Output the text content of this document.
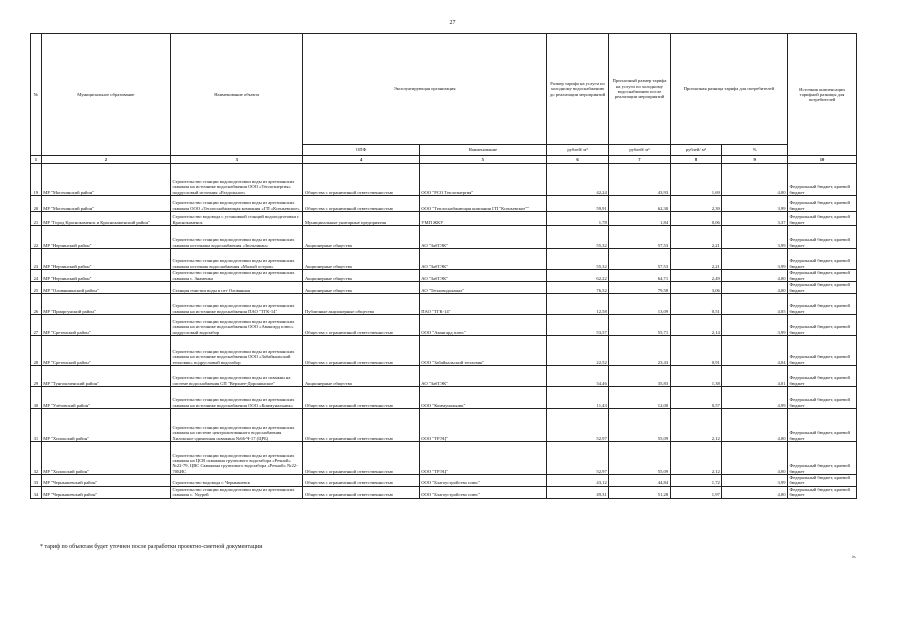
27
№	Муниципальное образование	Наименование объекта	Эксплуатирующая организация		Размер тарифа на услуги по холодному водоснабжению до реализации мероприятий	Прогнозный размер тарифа на услуги по холодному водоснабжению после реализации мероприятий	Прогнозная разница тарифа для потребителей		Источник компенсации тарифной разницы для потребителей
			ОПФ	Наименование	рублей/ м³	рублей/ м³	рублей/ м³	%	
1	2	3	4	5	6	7	8	9	10
19	МР "Могочинский район"	Строительство станции водоподготовки воды из артезианских скважин на источнике водоснабжения ООО «Теплоэнергия» подрусловый источник «Раздольное»	Общества с ограниченной ответственностью	ООО "РСО Теплоэнергия"	42,24	43,93	1,69	4,00	Федеральный бюджет, краевой бюджет
20	МР "Могочинский район"	Строительство станции водоподготовки воды из артезианских скважин ООО «Теплоснабжающая компания «ГП «Ксеньевское»	Общества с ограниченной ответственностью	ООО "Теплоснабжающая компания ГП "Ксеньевское""	59,91	62,30	2,39	3,99	Федеральный бюджет, краевой бюджет
21	МР "Город Краснокаменск и Краснокаменский район"	Строительство водовода с установкой станций водоподготовки г. Краснокаменск	Муниципальные унитарные предприятия	УМП ЖКУ	1,78	1,84	0,06	3,37	Федеральный бюджет, краевой бюджет
22	МР "Нерчинский район"	Строительство станции водоподготовки воды из артезианских скважин источника водоснабжения «Зюльзикан»	Акционерные общества	АО "ЗабТЭК"	55,32	57,53	2,21	3,99	Федеральный бюджет, краевой бюджет
23	МР "Нерчинский район"	Строительство станции водоподготовки воды из артезианских скважин источник водоснабжения «Малый остров»	Акционерные общества	АО "ЗабТЭК"	55,32	57,53	2,21	3,99	Федеральный бюджет, краевой бюджет
24	МР "Нерчинский район"	Строительство станции водоподготовки воды из артезианских скважин с. Знаменка	Акционерные общества	АО "ЗабТЭК"	62,22	64,71	2,49	4,00	Федеральный бюджет, краевой бюджет
25	МР "Оловяннинский район"	Станция очистки воды в пгт Оловянная	Акционерные общества	АО "Тепловодоканал"	76,52	79,58	3,06	4,00	Федеральный бюджет, краевой бюджет
26	МР "Приаргунский район"	Строительство станции водоподготовки воды из артезианских скважин на источнике водоснабжения ПАО "ТГК-14"	Публичные акционерные общества	ПАО "ТГК-14"	12,58	13,09	0,51	4,05	Федеральный бюджет, краевой бюджет
27	МР "Сретенский район"	Строительство станции водоподготовки воды из артезианских скважин на источнике водоснабжения ООО «Авангард плюс» подрусловый водозабор	Общества с ограниченной ответственностью	ООО "Авангард плюс"	53,57	55,71	2,14	3,99	Федеральный бюджет, краевой бюджет
28	МР "Сретенский район"	Строительство станции водоподготовки воды из артезианских скважин на источнике водоснабжения ООО «Забайкальский тепловик» подрусловый водозабор	Общества с ограниченной ответственностью	ООО "Забайкальский тепловик"	22,52	23,43	0,91	4,04	Федеральный бюджет, краевой бюджет
29	МР "Тунгокоченский район"	Строительство станции водоподготовки воды из скважин на системе водоснабжения СП "Верхнее-Доронинское"	Акционерные общества	АО "ЗабТЭК"	34,46	35,83	1,38	4,01	Федеральный бюджет, краевой бюджет
30	МР "Улётовский район"	Строительство станции водоподготовки воды из артезианских скважин на источнике водоснабжения ООО «Коммунальник»	Общества с ограниченной ответственностью	ООО "Коммунальник"	11,43	12,00	0,57	4,99	Федеральный бюджет, краевой бюджет
31	МР "Хилокский район"	Строительство станции водоподготовки воды из артезианских скважин на системе централизованного водоснабжения Хилокское одиночная скважина №66-Ч-17 (ЦРБ)	Общества с ограниченной ответственностью	ООО "ТРЭЦ"	52,97	55,09	2,12	4,00	Федеральный бюджет, краевой бюджет
32	МР "Хилокский район"	Строительство станции водоподготовки воды из артезианских скважин на ЦСВ скважина группового водозабора «Речной» №22-79, ЦВС Скважина группового водозабора «Речной» №22-70БИС	Общества с ограниченной ответственностью	ООО "ТРЭЦ"	52,97	55,09	2,12	4,00	Федеральный бюджет, краевой бюджет
33	МР "Чернышевский район"	Строительство водовода г. Чернышевск	Общества с ограниченной ответственностью	ООО "Благоустройство плюс"	43,12	44,84	1,72	3,99	Федеральный бюджет, краевой бюджет
34	МР "Чернышевский район"	Строительство станции водоподготовки воды из артезианских скважин с. Укурей	Общества с ограниченной ответственностью	ООО "Благоустройство плюс"	49,31	51,28	1,97	4,00	Федеральный бюджет, краевой бюджет
* тариф по объектам будет уточнен после разработки проектно-сметной документации
».
